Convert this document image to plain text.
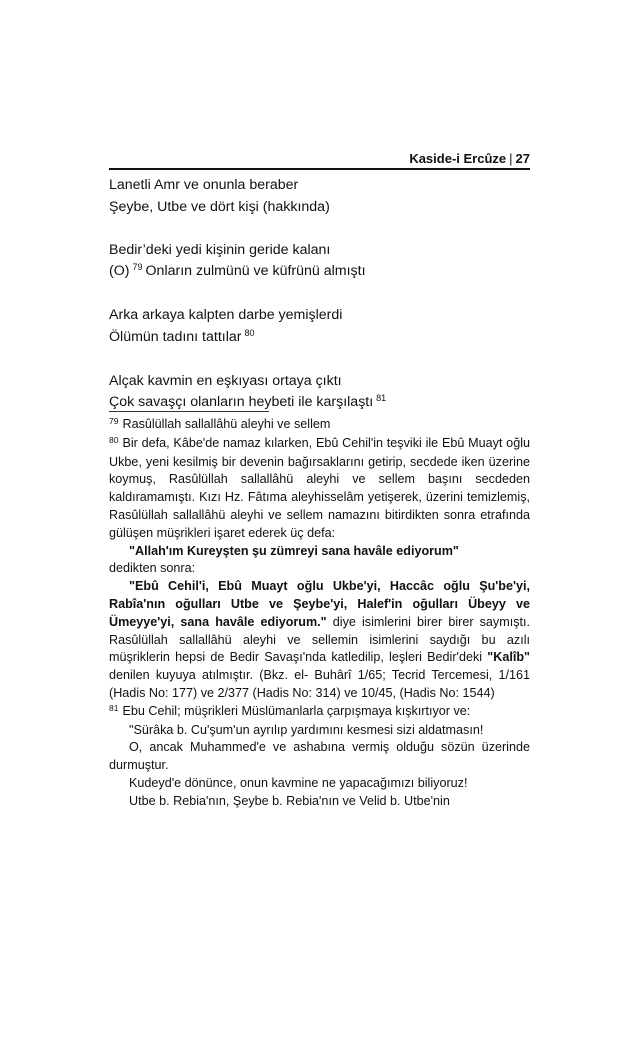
Kaside-i Ercûze | 27
Lanetli Amr ve onunla beraber
Şeybe, Utbe ve dört kişi (hakkında)
Bedir’deki yedi kişinin geride kalanı
(O) $^{79}$ Onların zulmünü ve küfrünü almıştı
Arka arkaya kalpten darbe yemişlerdi
Ölümün tadını tattılar $^{80}$
Alçak kavmin en eşkıyası ortaya çıktı
Çok savaşçı olanların heybeti ile karşılaştı $^{81}$

$^{79}$ Rasûlüllah sallallâhü aleyhi ve sellem

$^{80}$ Bir defa, Kâbe'de namaz kılarken, Ebû Cehil'in teşviki ile Ebû Muayt oğlu Ukbe, yeni kesilmiş bir devenin bağırsaklarını getirip, secdede iken üzerine koymuş, Rasûlüllah sallallâhü aleyhi ve sellem başını secdeden kaldıramamıştı. Kızı Hz. Fâtıma aleyhisselâm yetişerek, üzerini temizlemiş, Rasûlüllah sallallâhü aleyhi ve sellem namazını bitirdikten sonra etrafında gülüşen müşrikleri işaret ederek üç defa:

"Allah'ım Kureyşten şu zümreyi sana havâle ediyorum"

dedikten sonra:

"Ebû Cehil'i, Ebû Muayt oğlu Ukbe'yi, Haccâc oğlu Şu'be'yi, Rabîa'nın oğulları Utbe ve Şeybe'yi, Halef'in oğulları Übeyy ve Ümeyye'yi, sana havâle ediyorum." diye isimlerini birer birer saymıştı. Rasûlüllah sallallâhü aleyhi ve sellemin isimlerini saydığı bu azılı müşriklerin hepsi de Bedir Savaşı'nda katledilip, leşleri Bedir'deki "Kalîb" denilen kuyuya atılmıştır. (Bkz. el- Buhârî 1/65; Tecrid Tercemesi, 1/161 (Hadis No: 177) ve 2/377 (Hadis No: 314) ve 10/45, (Hadis No: 1544)

$^{81}$ Ebu Cehil; müşrikleri Müslümanlarla çarpışmaya kışkırtıyor ve:

"Sürâka b. Cu'şum'un ayrılıp yardımını kesmesi sizi aldatmasın!

O, ancak Muhammed'e ve ashabına vermiş olduğu sözün üzerinde durmuştur.

Kudeyd'e dönünce, onun kavmine ne yapacağımızı biliyoruz!

Utbe b. Rebia'nın, Şeybe b. Rebia'nın ve Velid b. Utbe'nin
